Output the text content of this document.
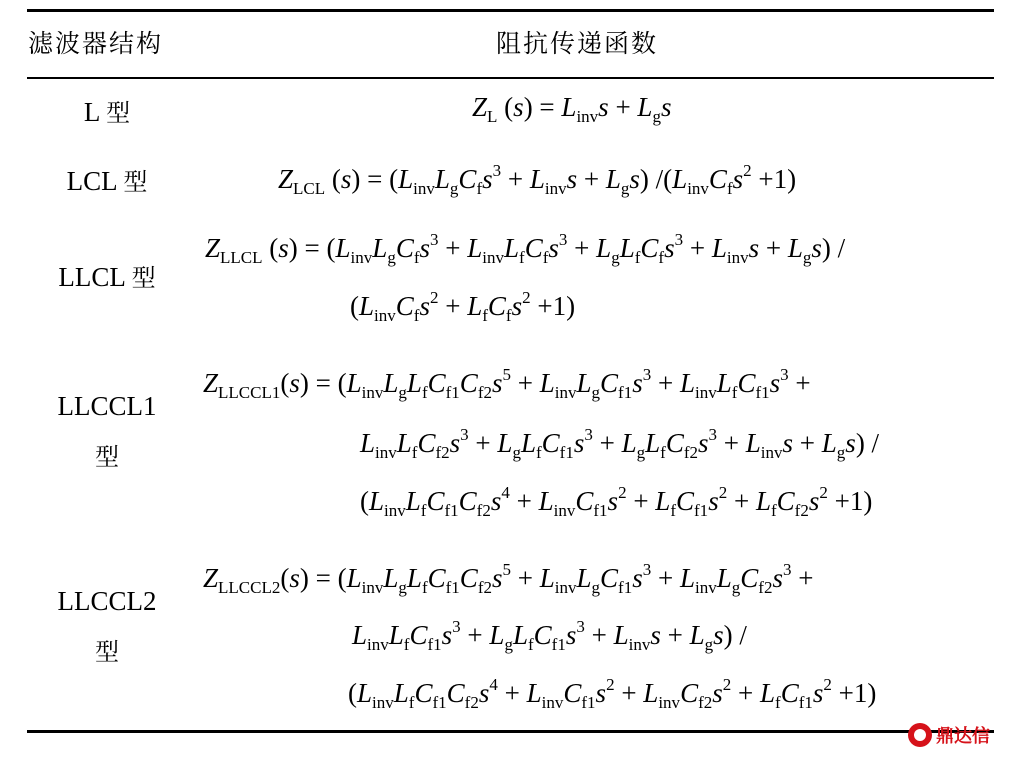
滤波器结构	阻抗传递函数
L 型
LCL 型
LLCL 型
LLCCL1
型
LLCCL2
型
$Z_L$ $(s) = L_{inv}s + L_gs$
$Z_{LCL}$ $(s) = (L_{inv}L_gC_fs^3 + L_{inv}s + L_gs)$ $/(L_{inv}C_fs^2 +1)$
$Z_{LLCL}$ $(s) = (L_{inv}L_gC_fs^3 + L_{inv}L_fC_fs^3 + L_gL_fC_fs^3 + L_{inv}s + L_gs)$ /
$(L_{inv}C_fs^2 + L_fC_fs^2 +1)$
$Z_{LLCCL1}(s) = (L_{inv}L_gL_fC_{f1}C_{f2}s^5 + L_{inv}L_gC_{f1}s^3 + L_{inv}L_fC_{f1}s^3$ +
$L_{inv}L_fC_{f2}s^3 + L_gL_fC_{f1}s^3 + L_gL_fC_{f2}s^3 + L_{inv}s + L_gs$) /
$(L_{inv}L_fC_{f1}C_{f2}s^4 + L_{inv}C_{f1}s^2 + L_fC_{f1}s^2 + L_fC_{f2}s^2 +1)$
$Z_{LLCCL2}(s) = (L_{inv}L_gL_fC_{f1}C_{f2}s^5 + L_{inv}L_gC_{f1}s^3 + L_{inv}L_gC_{f2}s^3$ +
$L_{inv}L_fC_{f1}s^3 + L_gL_fC_{f1}s^3 + L_{inv}s + L_gs$) /
$(L_{inv}L_fC_{f1}C_{f2}s^4 + L_{inv}C_{f1}s^2 + L_{inv}C_{f2}s^2 + L_fC_{f1}s^2 +1)$
鼎达信
